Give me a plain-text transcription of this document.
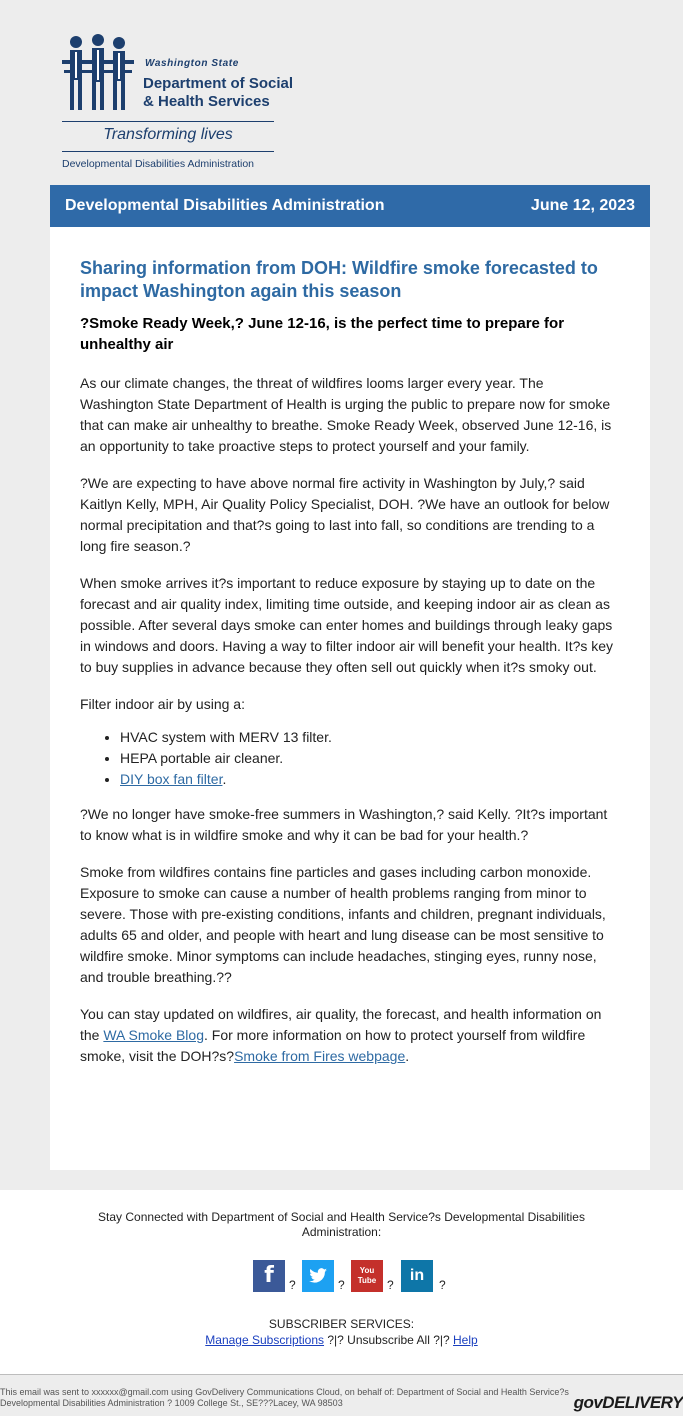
Washington State
Department of Social
& Health Services
Transforming lives
Developmental Disabilities Administration
Developmental Disabilities Administration	June 12, 2023
Sharing information from DOH: Wildfire smoke forecasted to impact Washington again this season
?Smoke Ready Week,? June 12-16, is the perfect time to prepare for unhealthy air

As our climate changes, the threat of wildfires looms larger every year. The Washington State Department of Health is urging the public to prepare now for smoke that can make air unhealthy to breathe. Smoke Ready Week, observed June 12-16, is an opportunity to take proactive steps to protect yourself and your family.

?We are expecting to have above normal fire activity in Washington by July,? said Kaitlyn Kelly, MPH, Air Quality Policy Specialist, DOH. ?We have an outlook for below normal precipitation and that?s going to last into fall, so conditions are trending to a long fire season.?

When smoke arrives it?s important to reduce exposure by staying up to date on the forecast and air quality index, limiting time outside, and keeping indoor air as clean as possible. After several days smoke can enter homes and buildings through leaky gaps in windows and doors. Having a way to filter indoor air will benefit your health. It?s key to buy supplies in advance because they often sell out quickly when it?s smoky out.

Filter indoor air by using a:

• HVAC system with MERV 13 filter.
• HEPA portable air cleaner.
• DIY box fan filter.

?We no longer have smoke-free summers in Washington,? said Kelly. ?It?s important to know what is in wildfire smoke and why it can be bad for your health.?

Smoke from wildfires contains fine particles and gases including carbon monoxide. Exposure to smoke can cause a number of health problems ranging from minor to severe. Those with pre-existing conditions, infants and children, pregnant individuals, adults 65 and older, and people with heart and lung disease can be most sensitive to wildfire smoke. Minor symptoms can include headaches, stinging eyes, runny nose, and trouble breathing.??

You can stay updated on wildfires, air quality, the forecast, and health information on the WA Smoke Blog. For more information on how to protect yourself from wildfire smoke, visit the DOH?s?Smoke from Fires webpage.

Stay Connected with Department of Social and Health Service?s Developmental Disabilities Administration:
f	?	?
You Tube ?
in
?
SUBSCRIBER SERVICES:
Manage Subscriptions ?|? Unsubscribe All ?|? Help
This email was sent to xxxxxx@gmail.com using GovDelivery Communications Cloud, on behalf of: Department of Social and Health Service?s Developmental Disabilities Administration ? 1009 College St., SE???Lacey, WA 98503	govDELIVERY
